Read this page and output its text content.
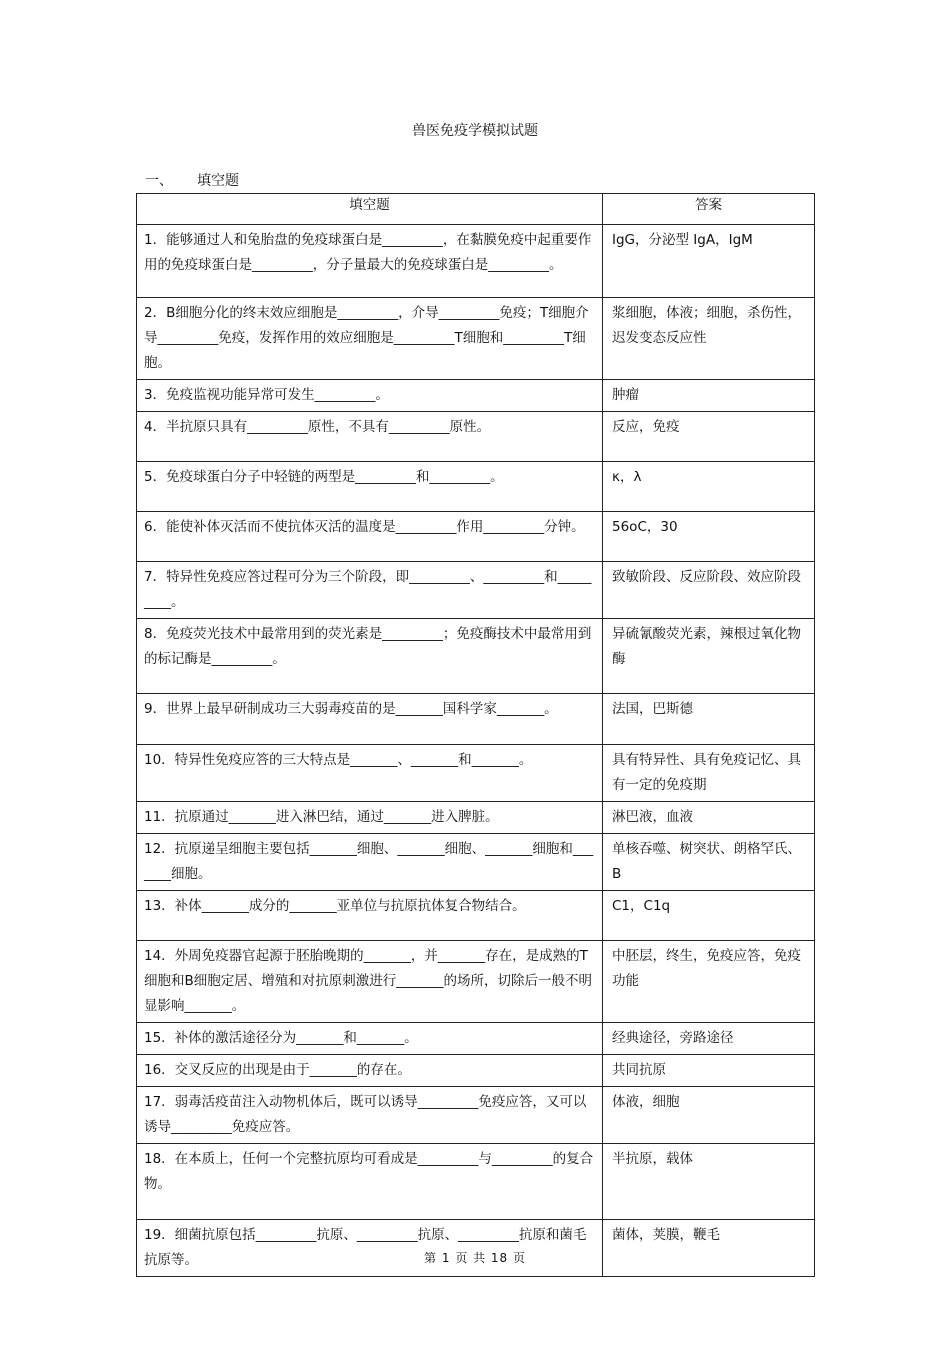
兽医免疫学模拟试题
一、 填空题
填空题	答案
1．能够通过人和兔胎盘的免疫球蛋白是_________，在黏膜免疫中起重要作用的免疫球蛋白是_________，分子量最大的免疫球蛋白是_________。	IgG，分泌型 IgA，IgM
2．B细胞分化的终末效应细胞是_________，介导_________免疫；T细胞介导_________免疫，发挥作用的效应细胞是_________T细胞和_________T细胞。	浆细胞，体液；细胞，杀伤性，迟发变态反应性
3．免疫监视功能异常可发生_________。	肿瘤
4．半抗原只具有_________原性，不具有_________原性。	反应，免疫
5．免疫球蛋白分子中轻链的两型是_________和_________。	κ，λ
6．能使补体灭活而不使抗体灭活的温度是_________作用_________分钟。	56oC，30
7．特异性免疫应答过程可分为三个阶段，即_________、_________和_________。	致敏阶段、反应阶段、效应阶段
8．免疫荧光技术中最常用到的荧光素是_________；免疫酶技术中最常用到的标记酶是_________。	异硫氰酸荧光素，辣根过氧化物酶
9．世界上最早研制成功三大弱毒疫苗的是_______国科学家_______。	法国，巴斯德
10．特异性免疫应答的三大特点是_______、_______和_______。	具有特异性、具有免疫记忆、具有一定的免疫期
11．抗原通过_______进入淋巴结，通过_______进入脾脏。	淋巴液，血液
12．抗原递呈细胞主要包括_______细胞、_______细胞、_______细胞和_______细胞。	单核吞噬、树突状、朗格罕氏、B
13．补体_______成分的_______亚单位与抗原抗体复合物结合。	C1，C1q
14．外周免疫器官起源于胚胎晚期的_______，并_______存在，是成熟的T细胞和B细胞定居、增殖和对抗原刺激进行_______的场所，切除后一般不明显影响_______。	中胚层，终生，免疫应答，免疫功能
15．补体的激活途径分为_______和_______。	经典途径，旁路途径
16．交叉反应的出现是由于_______的存在。	共同抗原
17．弱毒活疫苗注入动物机体后，既可以诱导_________免疫应答，又可以诱导_________免疫应答。	体液，细胞
18．在本质上，任何一个完整抗原均可看成是_________与_________的复合物。	半抗原，载体
19．细菌抗原包括_________抗原、_________抗原、_________抗原和菌毛抗原等。	菌体，荚膜，鞭毛
第 1 页 共 18 页
